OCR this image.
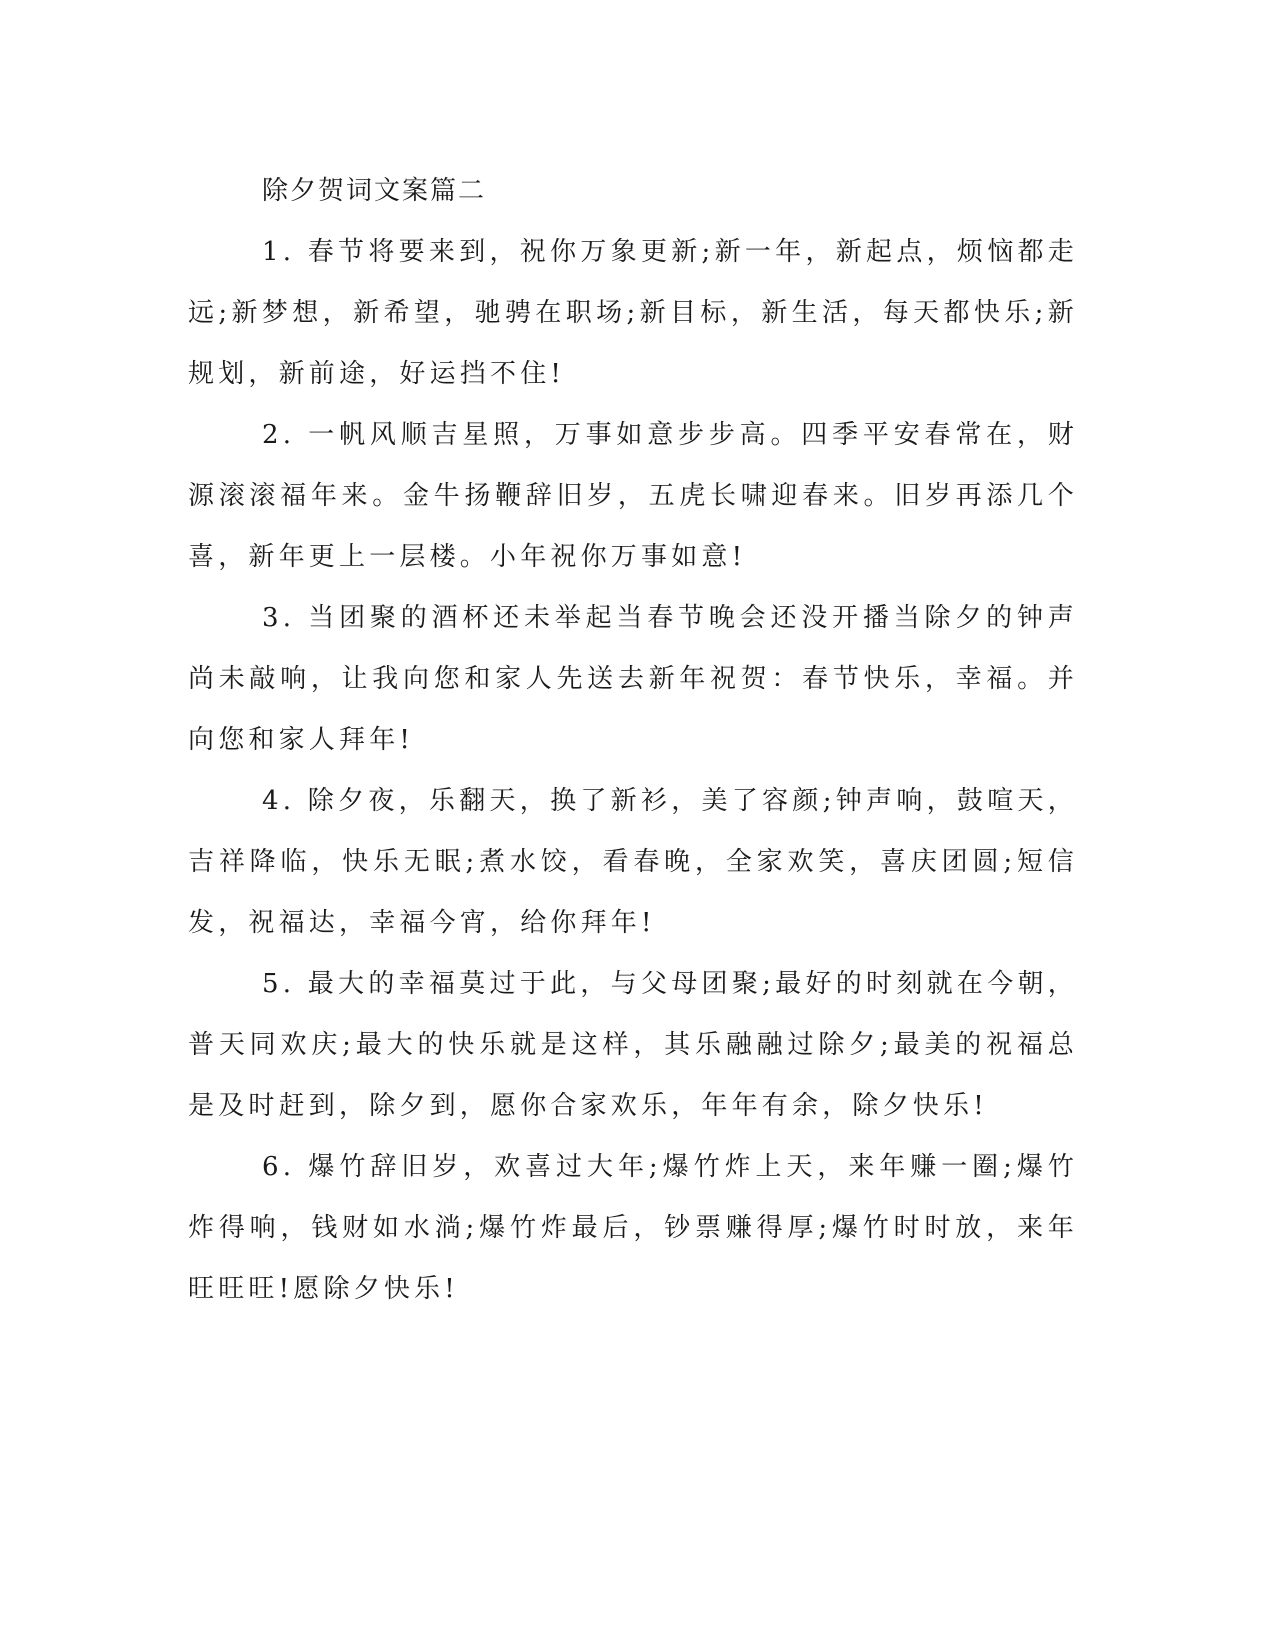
除夕贺词文案篇二

1. 春节将要来到，祝你万象更新;新一年，新起点，烦恼都走远;新梦想，新希望，驰骋在职场;新目标，新生活，每天都快乐;新规划，新前途，好运挡不住!

2. 一帆风顺吉星照，万事如意步步高。四季平安春常在，财源滚滚福年来。金牛扬鞭辞旧岁，五虎长啸迎春来。旧岁再添几个喜，新年更上一层楼。小年祝你万事如意!

3. 当团聚的酒杯还未举起当春节晚会还没开播当除夕的钟声尚未敲响，让我向您和家人先送去新年祝贺：春节快乐，幸福。并向您和家人拜年!

4. 除夕夜，乐翻天，换了新衫，美了容颜;钟声响，鼓喧天，吉祥降临，快乐无眠;煮水饺，看春晚，全家欢笑，喜庆团圆;短信发，祝福达，幸福今宵，给你拜年!

5. 最大的幸福莫过于此，与父母团聚;最好的时刻就在今朝，普天同欢庆;最大的快乐就是这样，其乐融融过除夕;最美的祝福总是及时赶到，除夕到，愿你合家欢乐，年年有余，除夕快乐!

6. 爆竹辞旧岁，欢喜过大年;爆竹炸上天，来年赚一圈;爆竹炸得响，钱财如水淌;爆竹炸最后，钞票赚得厚;爆竹时时放，来年旺旺旺!愿除夕快乐!
